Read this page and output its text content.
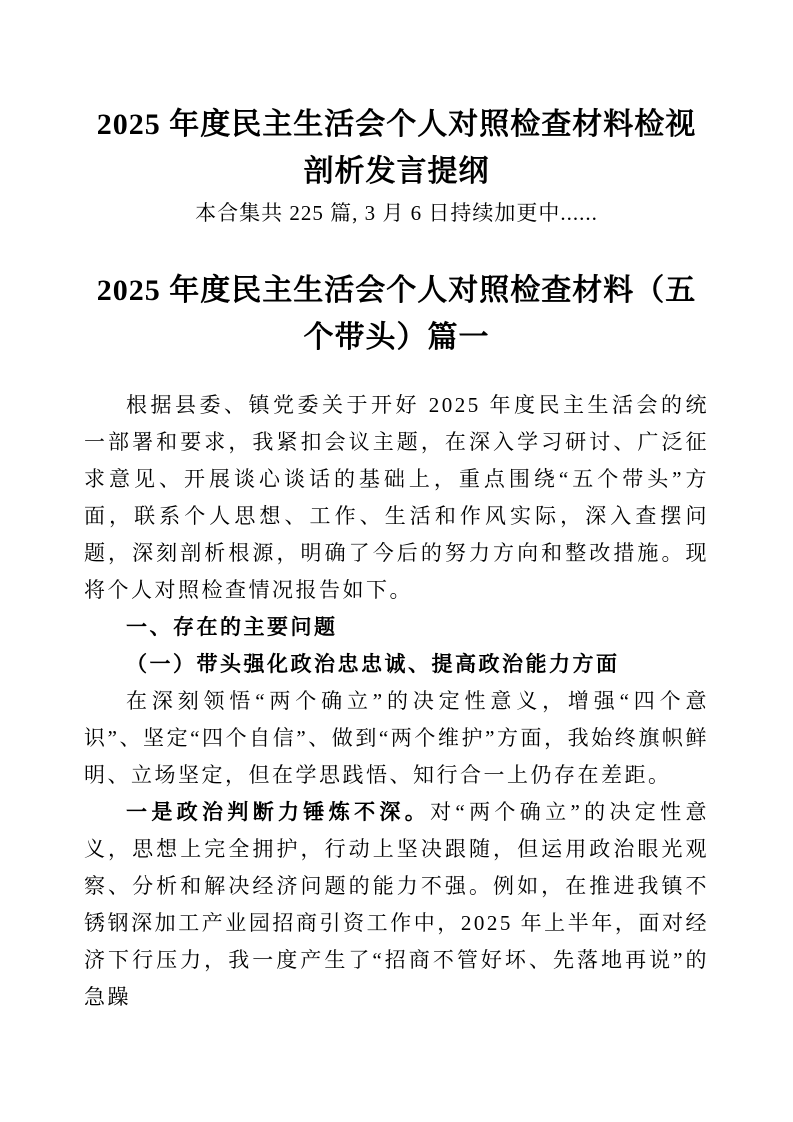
2025 年度民主生活会个人对照检查材料检视剖析发言提纲

本合集共 225 篇, 3 月 6 日持续加更中......

2025 年度民主生活会个人对照检查材料（五个带头）篇一

根据县委、镇党委关于开好 2025 年度民主生活会的统一部署和要求，我紧扣会议主题，在深入学习研讨、广泛征求意见、开展谈心谈话的基础上，重点围绕“五个带头”方面，联系个人思想、工作、生活和作风实际，深入查摆问题，深刻剖析根源，明确了今后的努力方向和整改措施。现将个人对照检查情况报告如下。

一、存在的主要问题
（一）带头强化政治忠忠诚、提高政治能力方面

在深刻领悟“两个确立”的决定性意义，增强“四个意识”、坚定“四个自信”、做到“两个维护”方面，我始终旗帜鲜明、立场坚定，但在学思践悟、知行合一上仍存在差距。

一是政治判断力锤炼不深。对“两个确立”的决定性意义，思想上完全拥护，行动上坚决跟随，但运用政治眼光观察、分析和解决经济问题的能力不强。例如，在推进我镇不锈钢深加工产业园招商引资工作中，2025 年上半年，面对经济下行压力，我一度产生了“招商不管好坏、先落地再说”的急躁
